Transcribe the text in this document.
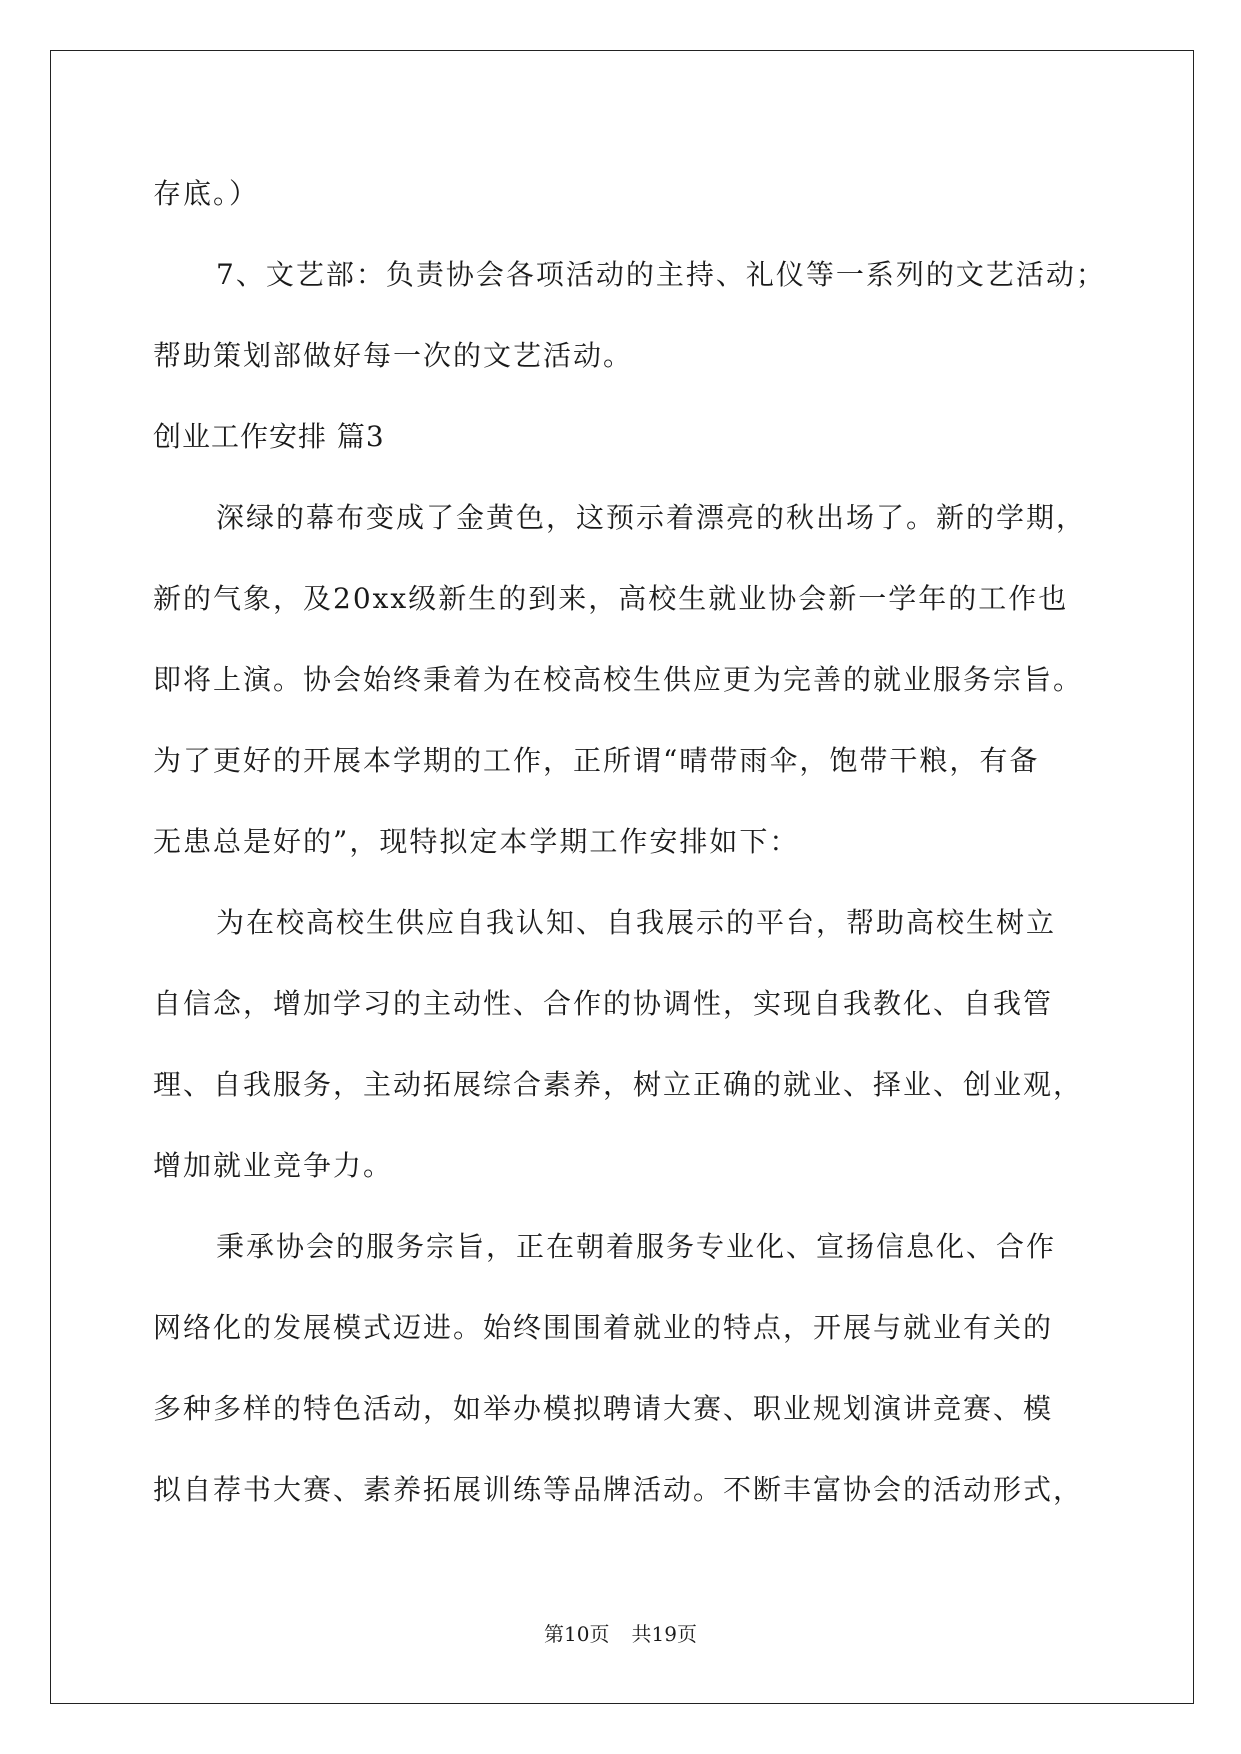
存底。）
7、文艺部：负责协会各项活动的主持、礼仪等一系列的文艺活动；
帮助策划部做好每一次的文艺活动。
创业工作安排 篇3
深绿的幕布变成了金黄色，这预示着漂亮的秋出场了。新的学期，
新的气象，及20xx级新生的到来，高校生就业协会新一学年的工作也
即将上演。协会始终秉着为在校高校生供应更为完善的就业服务宗旨。
为了更好的开展本学期的工作，正所谓“晴带雨伞，饱带干粮，有备
无患总是好的”，现特拟定本学期工作安排如下：
为在校高校生供应自我认知、自我展示的平台，帮助高校生树立
自信念，增加学习的主动性、合作的协调性，实现自我教化、自我管
理、自我服务，主动拓展综合素养，树立正确的就业、择业、创业观，
增加就业竞争力。
秉承协会的服务宗旨，正在朝着服务专业化、宣扬信息化、合作
网络化的发展模式迈进。始终围围着就业的特点，开展与就业有关的
多种多样的特色活动，如举办模拟聘请大赛、职业规划演讲竞赛、模
拟自荐书大赛、素养拓展训练等品牌活动。不断丰富协会的活动形式，
第10页 共19页
